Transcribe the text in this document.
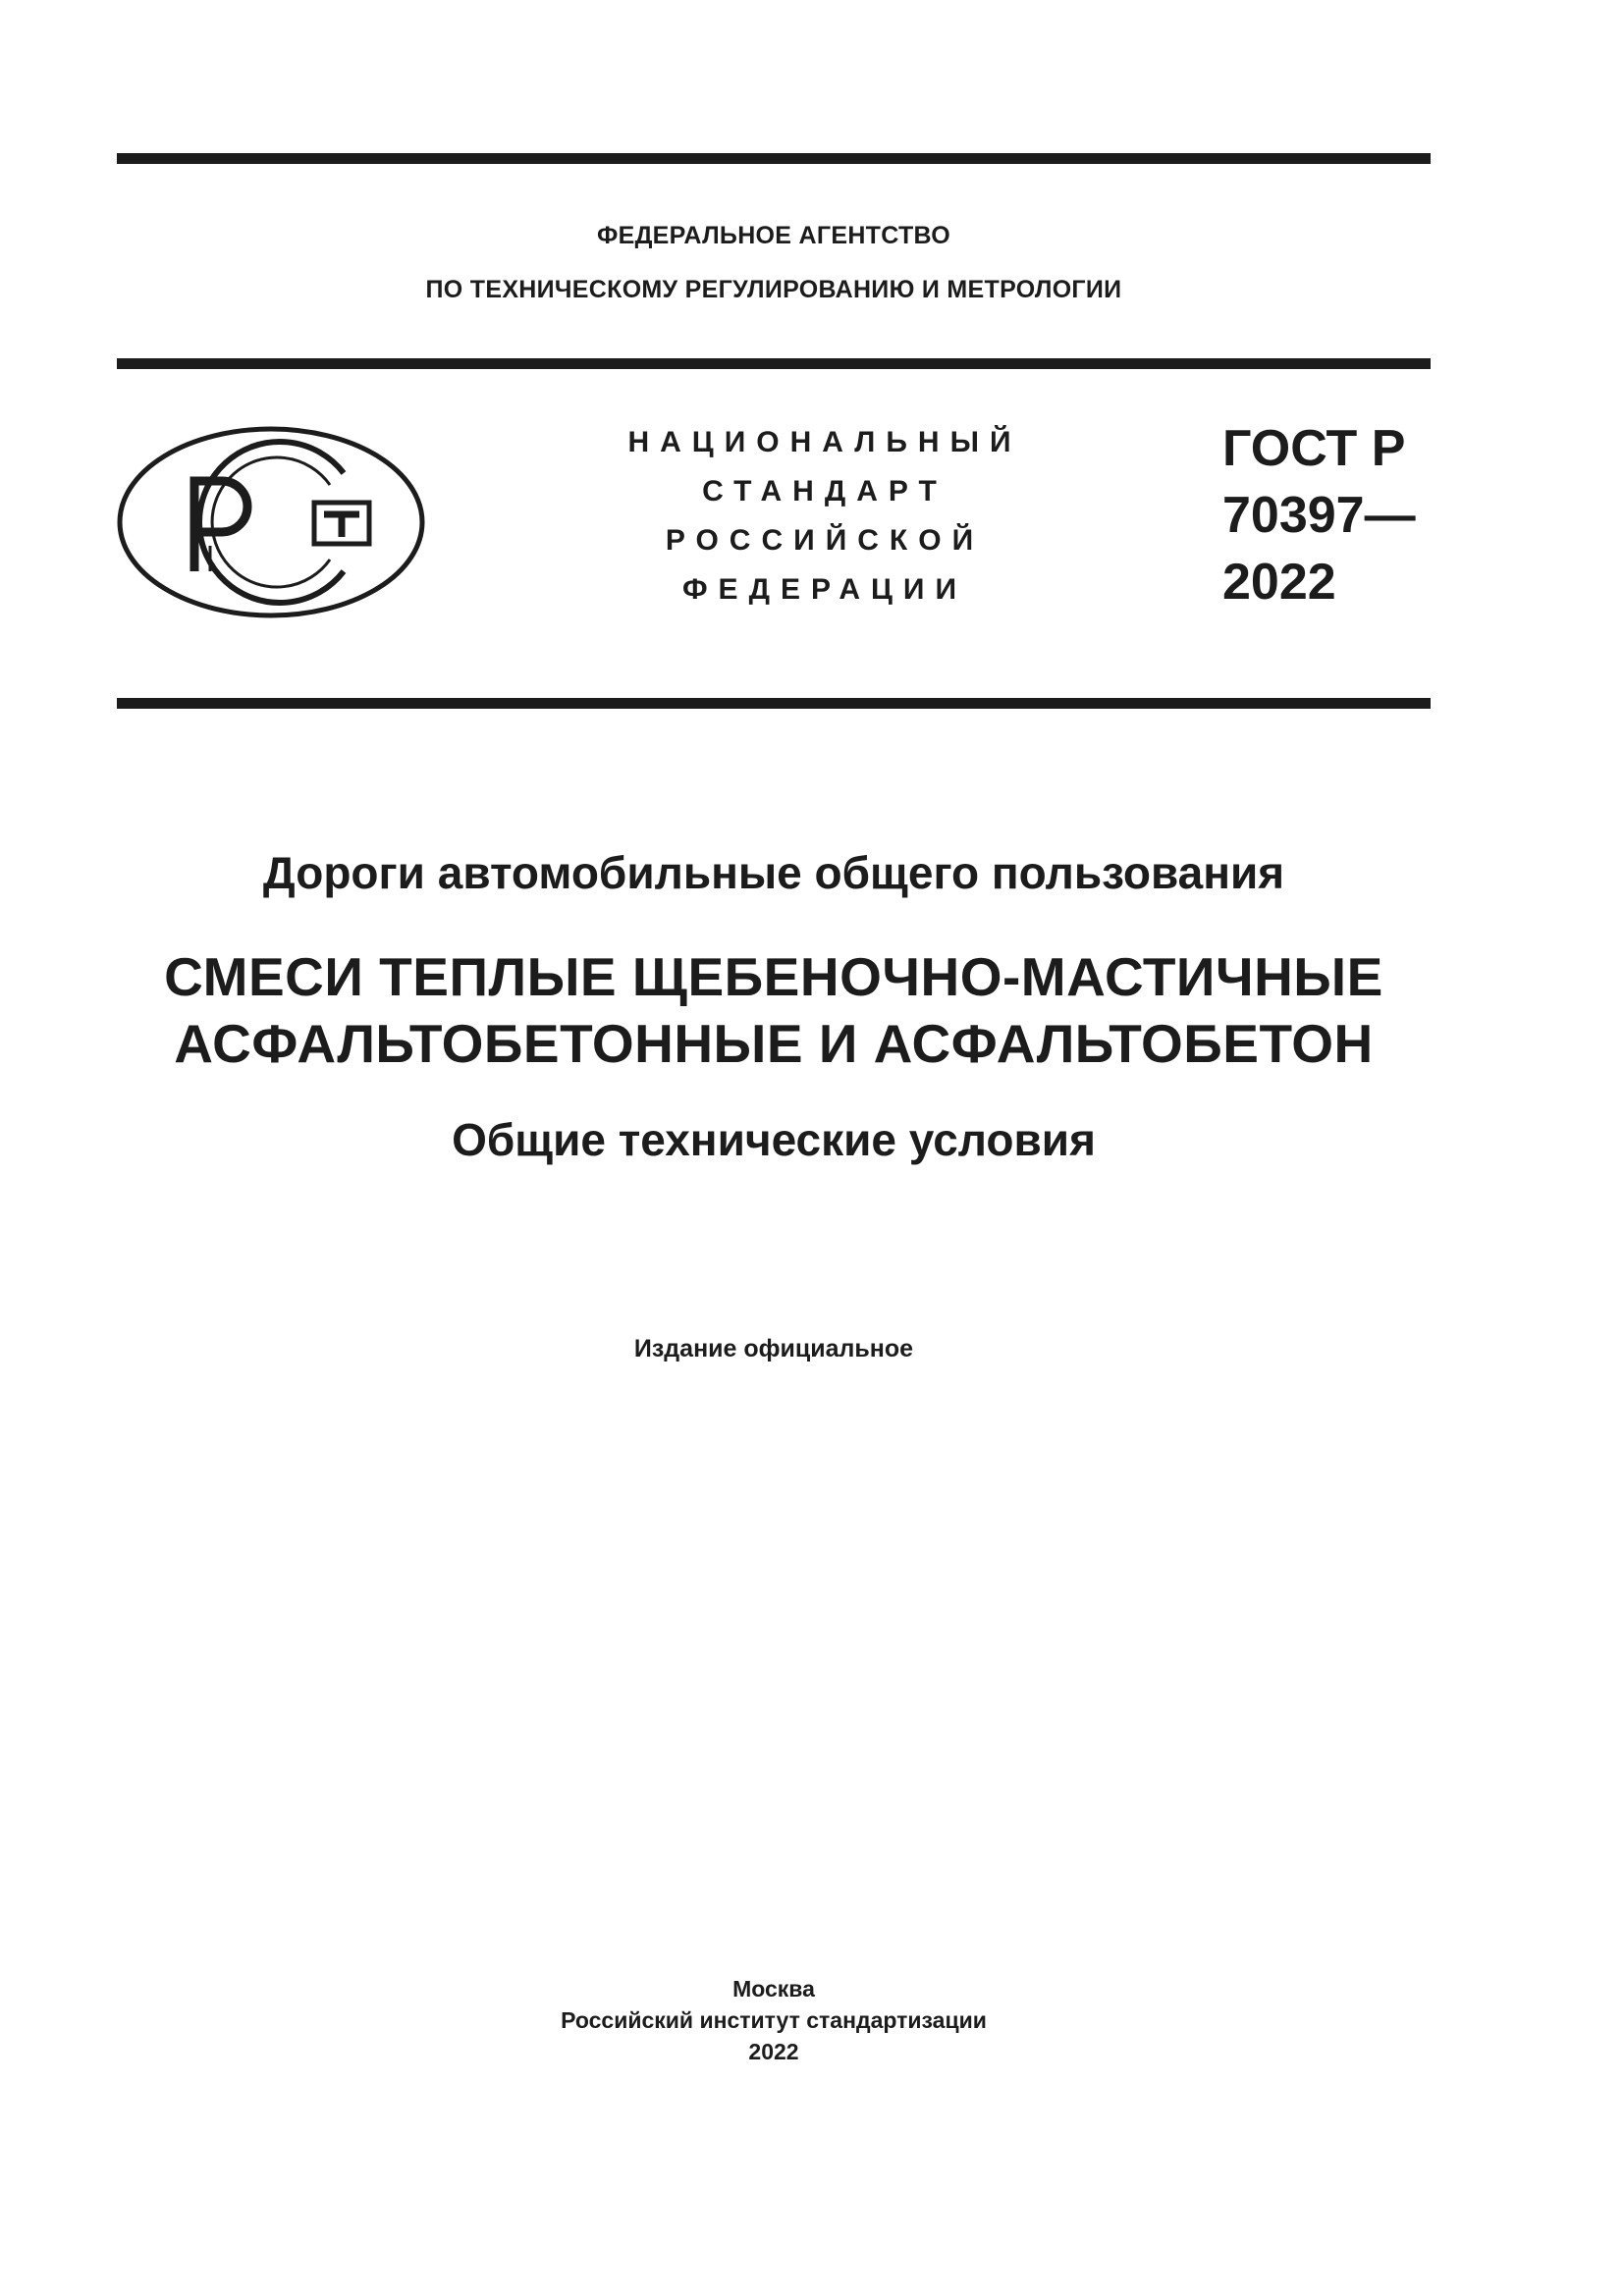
ФЕДЕРАЛЬНОЕ АГЕНТСТВО
ПО ТЕХНИЧЕСКОМУ РЕГУЛИРОВАНИЮ И МЕТРОЛОГИИ
НАЦИОНАЛЬНЫЙ
СТАНДАРТ
РОССИЙСКОЙ
ФЕДЕРАЦИИ
ГОСТ Р
70397—
2022
Дороги автомобильные общего пользования
СМЕСИ ТЕПЛЫЕ ЩЕБЕНОЧНО-МАСТИЧНЫЕ
АСФАЛЬТОБЕТОННЫЕ И АСФАЛЬТОБЕТОН
Общие технические условия
Издание официальное
Москва
Российский институт стандартизации
2022
